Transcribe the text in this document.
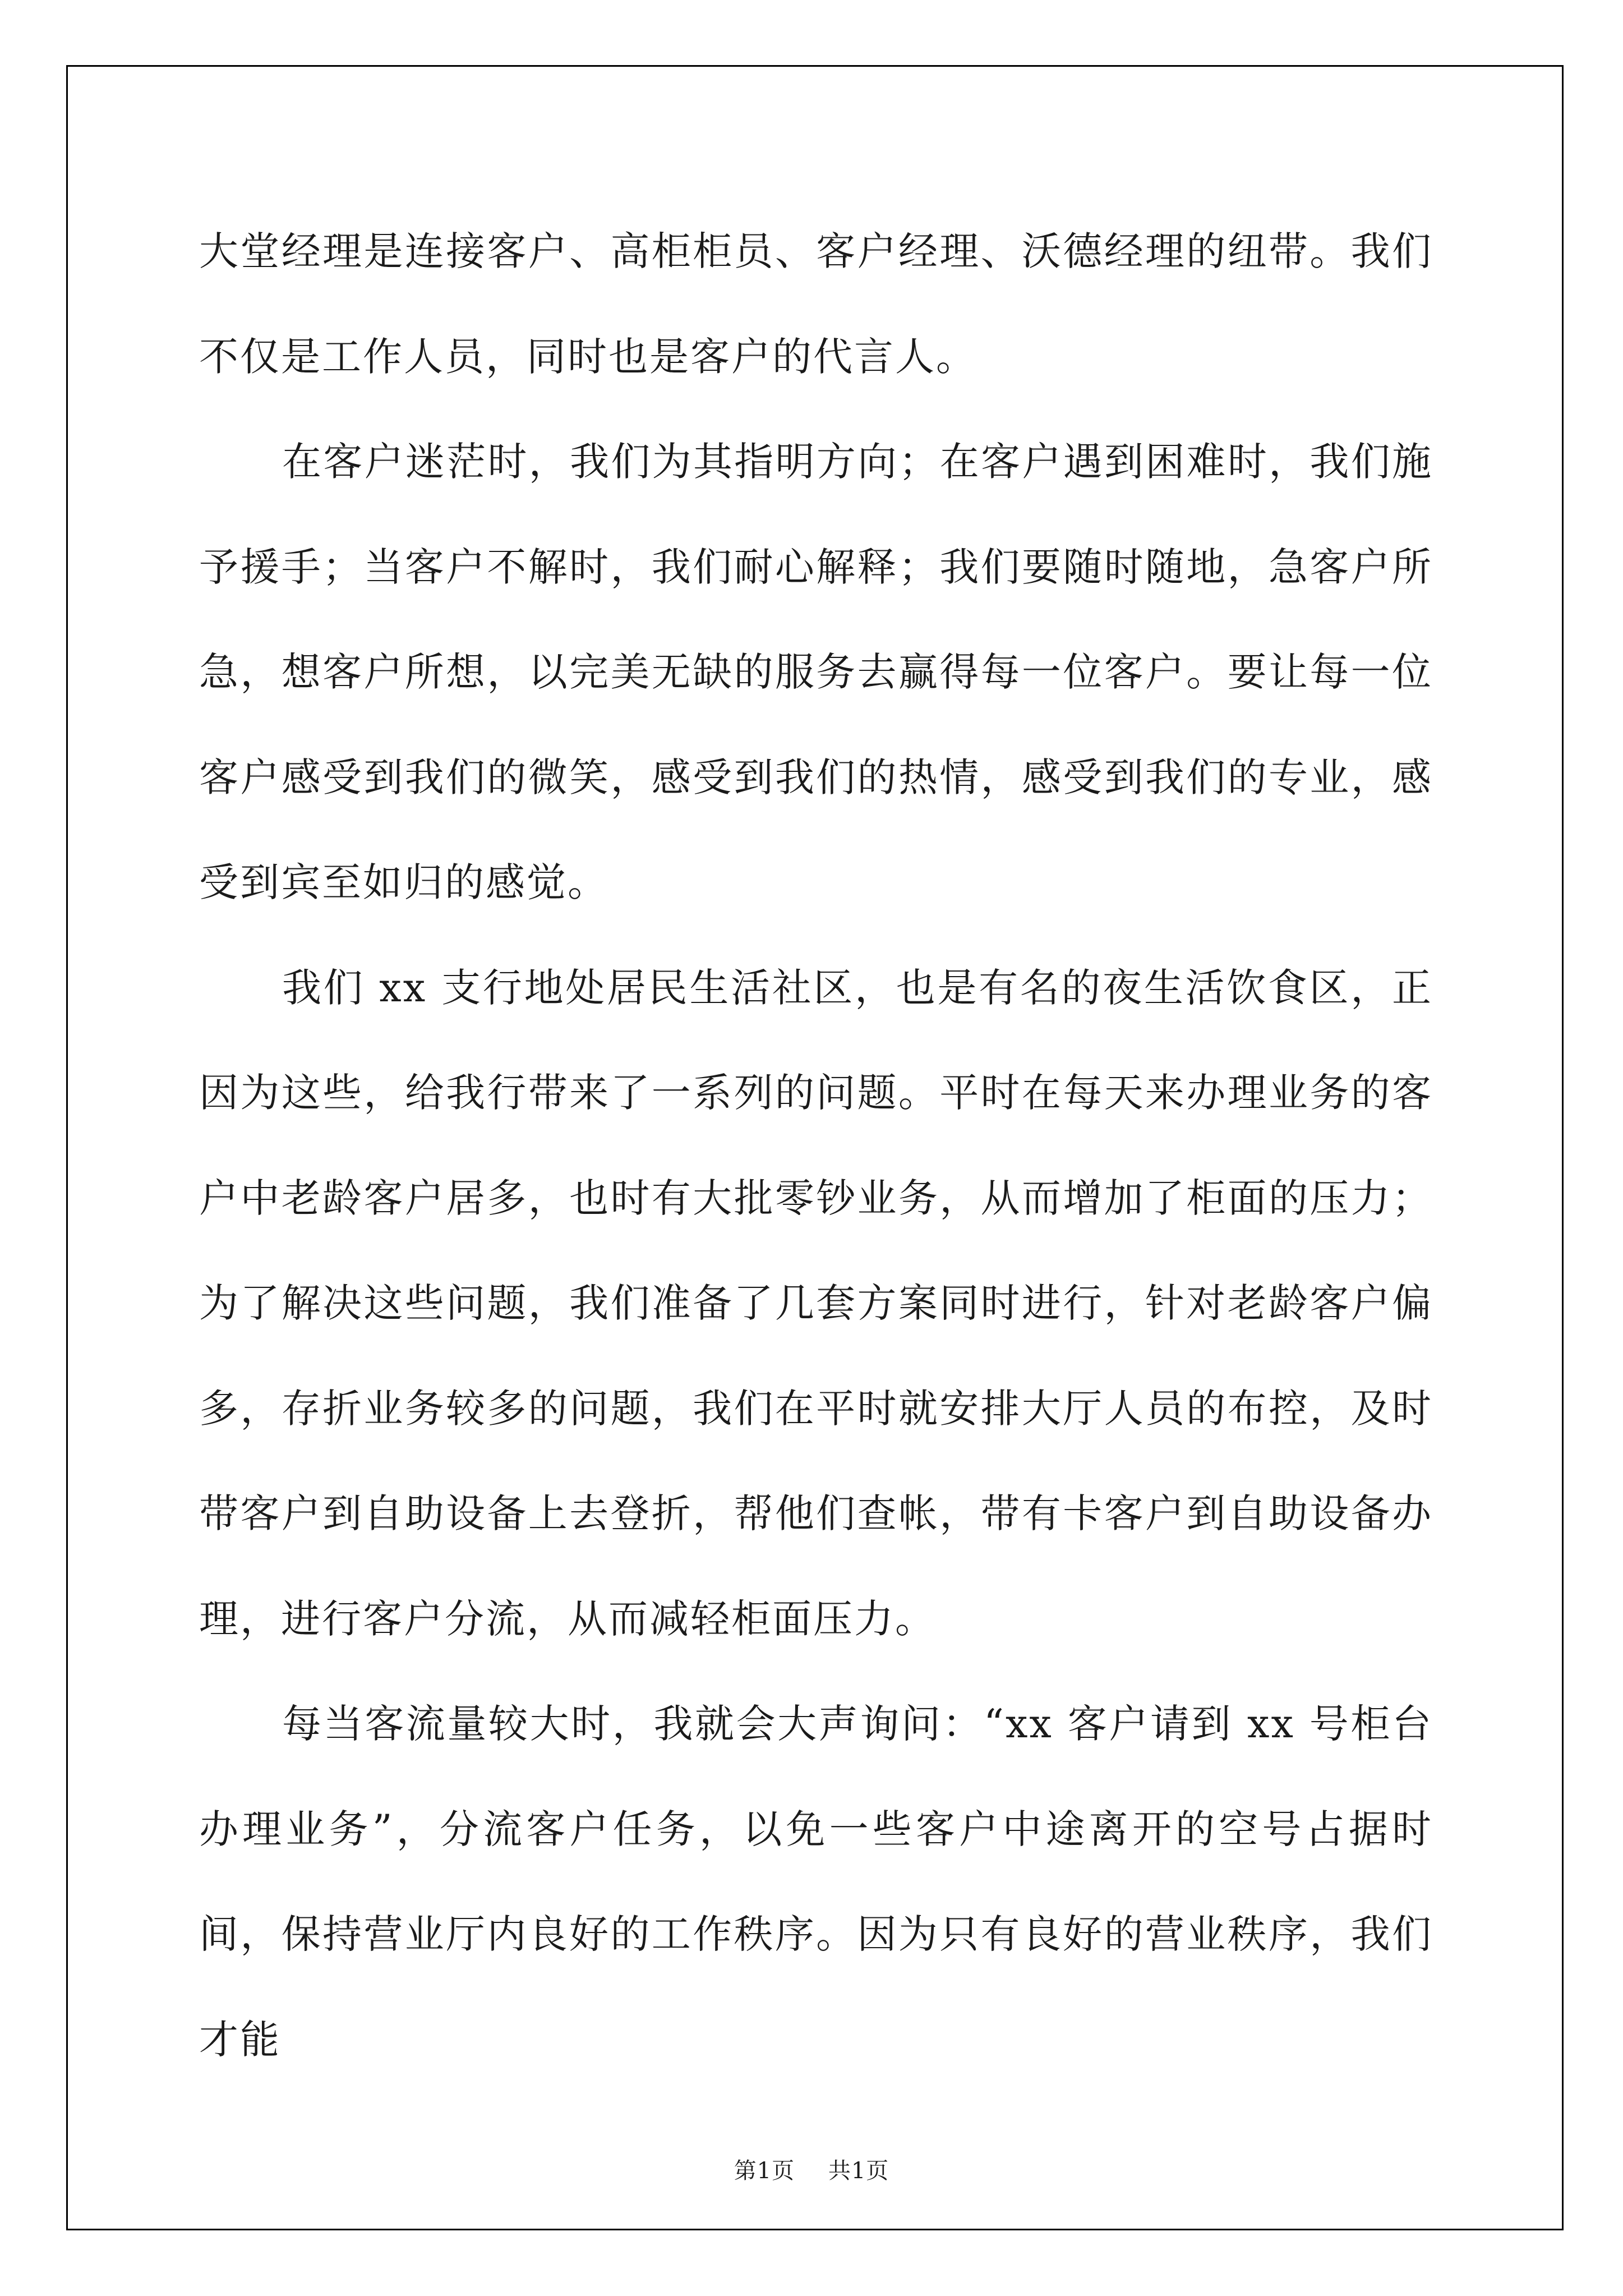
大堂经理是连接客户、高柜柜员、客户经理、沃德经理的纽带。我们不仅是工作人员，同时也是客户的代言人。

在客户迷茫时，我们为其指明方向；在客户遇到困难时，我们施予援手；当客户不解时，我们耐心解释；我们要随时随地，急客户所急，想客户所想，以完美无缺的服务去赢得每一位客户。要让每一位客户感受到我们的微笑，感受到我们的热情，感受到我们的专业，感受到宾至如归的感觉。

我们 xx 支行地处居民生活社区，也是有名的夜生活饮食区，正因为这些，给我行带来了一系列的问题。平时在每天来办理业务的客户中老龄客户居多，也时有大批零钞业务，从而增加了柜面的压力；为了解决这些问题，我们准备了几套方案同时进行，针对老龄客户偏多，存折业务较多的问题，我们在平时就安排大厅人员的布控，及时带客户到自助设备上去登折，帮他们查帐，带有卡客户到自助设备办理，进行客户分流，从而减轻柜面压力。

每当客流量较大时，我就会大声询问：“xx 客户请到 xx 号柜台办理业务”，分流客户任务，以免一些客户中途离开的空号占据时间，保持营业厅内良好的工作秩序。因为只有良好的营业秩序，我们才能

第1页 共1页
